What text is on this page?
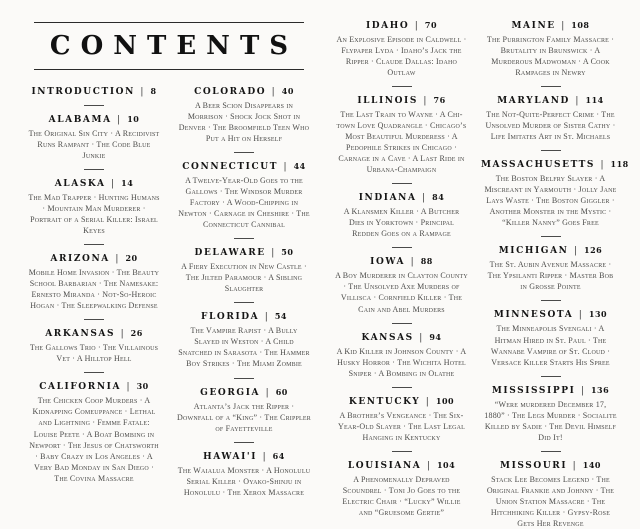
CONTENTS
INTRODUCTION | 8
ALABAMA | 10

The Original Sin City · A Recidivist Runs Rampant · The Code Blue Junkie

ALASKA | 14

The Mad Trapper · Hunting Humans · Mountain Man Murderer · Portrait of a Serial Killer: Israel Keyes

ARIZONA | 20

Mobile Home Invasion · The Beauty School Barbarian · The Namesake: Ernesto Miranda · Not-So-Heroic Hogan · The Sleepwalking Defense

ARKANSAS | 26

The Gallows Trio · The Villainous Vet · A Hilltop Hell

CALIFORNIA | 30

The Chicken Coop Murders · A Kidnapping Comeuppance · Lethal and Lightning · Femme Fatale: Louise Peete · A Boat Bombing in Newport · The Jesus of Chatsworth · Baby Crazy in Los Angeles · A Very Bad Monday in San Diego · The Covina Massacre

COLORADO | 40

A Beer Scion Disappears in Morrison · Shock Jock Shot in Denver · The Broomfield Teen Who Put a Hit on Herself

CONNECTICUT | 44

A Twelve-Year-Old Goes to the Gallows · The Windsor Murder Factory · A Wood-Chipping in Newton · Carnage in Cheshire · The Connecticut Cannibal

DELAWARE | 50

A Fiery Execution in New Castle · The Jilted Paramour · A Sibling Slaughter

FLORIDA | 54

The Vampire Rapist · A Bully Slayed in Weston · A Child Snatched in Sarasota · The Hammer Boy Strikes · The Miami Zombie

GEORGIA | 60

Atlanta’s Jack the Ripper · Downfall of a “King” · The Crippler of Fayetteville

HAWAI'I | 64

The Waialua Monster · A Honolulu Serial Killer · Oyako-Shinju in Honolulu · The Xerox Massacre

IDAHO | 70

An Explosive Episode in Caldwell · Flypaper Lyda · Idaho’s Jack the Ripper · Claude Dallas: Idaho Outlaw

ILLINOIS | 76

The Last Train to Wayne · A Chi-town Love Quadrangle · Chicago’s Most Beautiful Murderess · A Pedophile Strikes in Chicago · Carnage in a Cave · A Last Ride in Urbana-Champaign

INDIANA | 84

A Klansmen Killer · A Butcher Dies in Yorktown · Principal Redden Goes on a Rampage

IOWA | 88

A Boy Murderer in Clayton County · The Unsolved Axe Murders of Villisca · Cornfield Killer · The Cain and Abel Murders

KANSAS | 94

A Kid Killer in Johnson County · A Husky Horror · The Wichita Hotel Sniper · A Bombing in Olathe

KENTUCKY | 100

A Brother’s Vengeance · The Six-Year-Old Slayer · The Last Legal Hanging in Kentucky

LOUISIANA | 104

A Phenomenally Depraved Scoundrel · Toni Jo Goes to the Electric Chair · “Lucky” Willie and “Gruesome Gertie”

MAINE | 108

The Purrington Family Massacre · Brutality in Brunswick · A Murderous Madwoman · A Cook Rampages in Newry

MARYLAND | 114

The Not-Quite-Perfect Crime · The Unsolved Murder of Sister Cathy · Life Imitates Art in St. Michaels

MASSACHUSETTS | 118

The Boston Belfry Slayer · A Miscreant in Yarmouth · Jolly Jane Lays Waste · The Boston Giggler · Another Monster in the Mystic · “Killer Nanny” Goes Free

MICHIGAN | 126

The St. Aubin Avenue Massacre · The Ypsilanti Ripper · Master Bob in Grosse Pointe

MINNESOTA | 130

The Minneapolis Svengali · A Hitman Hired in St. Paul · The Wannabe Vampire of St. Cloud · Versace Killer Starts His Spree

MISSISSIPPI | 136

“Were murdered December 17, 1880” · The Legs Murder · Socialite Killed by Sadie · The Devil Himself Did It!

MISSOURI | 140

Stack Lee Becomes Legend · The Original Frankie and Johnny · The Union Station Massacre · The Hitchhiking Killer · Gypsy-Rose Gets Her Revenge
